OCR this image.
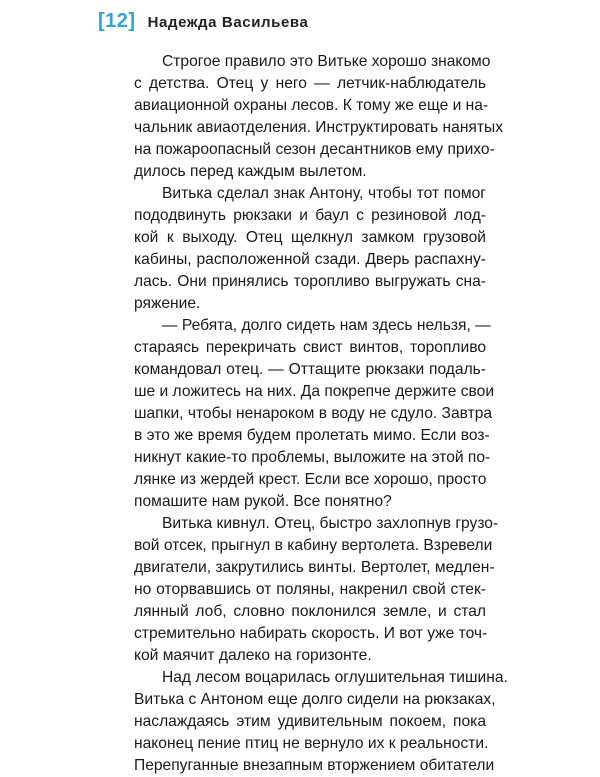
[12] Надежда Васильева
Строгое правило это Витьке хорошо знакомо
с детства. Отец у него — летчик-наблюдатель
авиационной охраны лесов. К тому же еще и на-
чальник авиаотделения. Инструктировать нанятых
на пожароопасный сезон десантников ему прихо-
дилось перед каждым вылетом.
Витька сделал знак Антону, чтобы тот помог
пододвинуть рюкзаки и баул с резиновой лод-
кой к выходу. Отец щелкнул замком грузовой
кабины, расположенной сзади. Дверь распахну-
лась. Они принялись торопливо выгружать сна-
ряжение.
— Ребята, долго сидеть нам здесь нельзя, —
стараясь перекричать свист винтов, торопливо
командовал отец. — Оттащите рюкзаки подаль-
ше и ложитесь на них. Да покрепче держите свои
шапки, чтобы ненароком в воду не сдуло. Завтра
в это же время будем пролетать мимо. Если воз-
никнут какие-то проблемы, выложите на этой по-
лянке из жердей крест. Если все хорошо, просто
помашите нам рукой. Все понятно?
Витька кивнул. Отец, быстро захлопнув грузо-
вой отсек, прыгнул в кабину вертолета. Взревели
двигатели, закрутились винты. Вертолет, медлен-
но оторвавшись от поляны, накренил свой стек-
лянный лоб, словно поклонился земле, и стал
стремительно набирать скорость. И вот уже точ-
кой маячит далеко на горизонте.
Над лесом воцарилась оглушительная тишина.
Витька с Антоном еще долго сидели на рюкзаках,
наслаждаясь этим удивительным покоем, пока
наконец пение птиц не вернуло их к реальности.
Перепуганные внезапным вторжением обитатели
